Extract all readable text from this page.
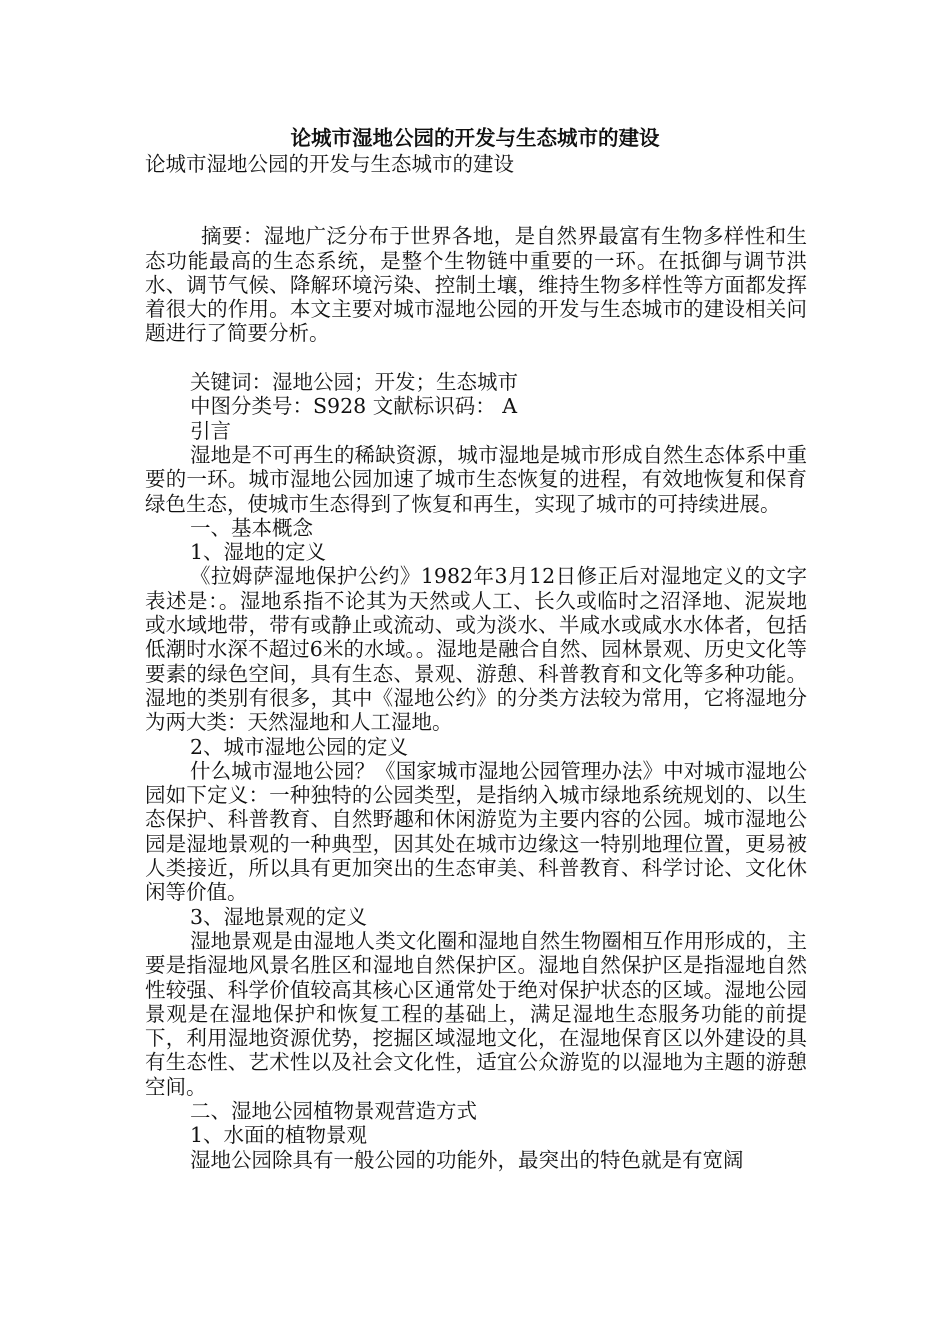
论城市湿地公园的开发与生态城市的建设
论城市湿地公园的开发与生态城市的建设

摘要：湿地广泛分布于世界各地，是自然界最富有生物多样性和生态功能最高的生态系统，是整个生物链中重要的一环。在抵御与调节洪水、调节气候、降解环境污染、控制土壤，维持生物多样性等方面都发挥着很大的作用。本文主要对城市湿地公园的开发与生态城市的建设相关问题进行了简要分析。

关键词：湿地公园；开发；生态城市

中图分类号：S928 文献标识码： A

引言

湿地是不可再生的稀缺资源，城市湿地是城市形成自然生态体系中重要的一环。城市湿地公园加速了城市生态恢复的进程，有效地恢复和保育绿色生态，使城市生态得到了恢复和再生，实现了城市的可持续进展。

一、基本概念

1、湿地的定义

《拉姆萨湿地保护公约》1982年3月12日修正后对湿地定义的文字表述是：。湿地系指不论其为天然或人工、长久或临时之沼泽地、泥炭地或水域地带，带有或静止或流动、或为淡水、半咸水或咸水水体者，包括低潮时水深不超过6米的水域。。湿地是融合自然、园林景观、历史文化等要素的绿色空间，具有生态、景观、游憩、科普教育和文化等多种功能。湿地的类别有很多，其中《湿地公约》的分类方法较为常用，它将湿地分为两大类：天然湿地和人工湿地。

2、城市湿地公园的定义

什么城市湿地公园？《国家城市湿地公园管理办法》中对城市湿地公园如下定义：一种独特的公园类型，是指纳入城市绿地系统规划的、以生态保护、科普教育、自然野趣和休闲游览为主要内容的公园。城市湿地公园是湿地景观的一种典型，因其处在城市边缘这一特别地理位置，更易被人类接近，所以具有更加突出的生态审美、科普教育、科学讨论、文化休闲等价值。

3、湿地景观的定义

湿地景观是由湿地人类文化圈和湿地自然生物圈相互作用形成的，主要是指湿地风景名胜区和湿地自然保护区。湿地自然保护区是指湿地自然性较强、科学价值较高其核心区通常处于绝对保护状态的区域。湿地公园景观是在湿地保护和恢复工程的基础上，满足湿地生态服务功能的前提下，利用湿地资源优势，挖掘区域湿地文化，在湿地保育区以外建设的具有生态性、艺术性以及社会文化性，适宜公众游览的以湿地为主题的游憩空间。

二、湿地公园植物景观营造方式

1、水面的植物景观

湿地公园除具有一般公园的功能外，最突出的特色就是有宽阔
